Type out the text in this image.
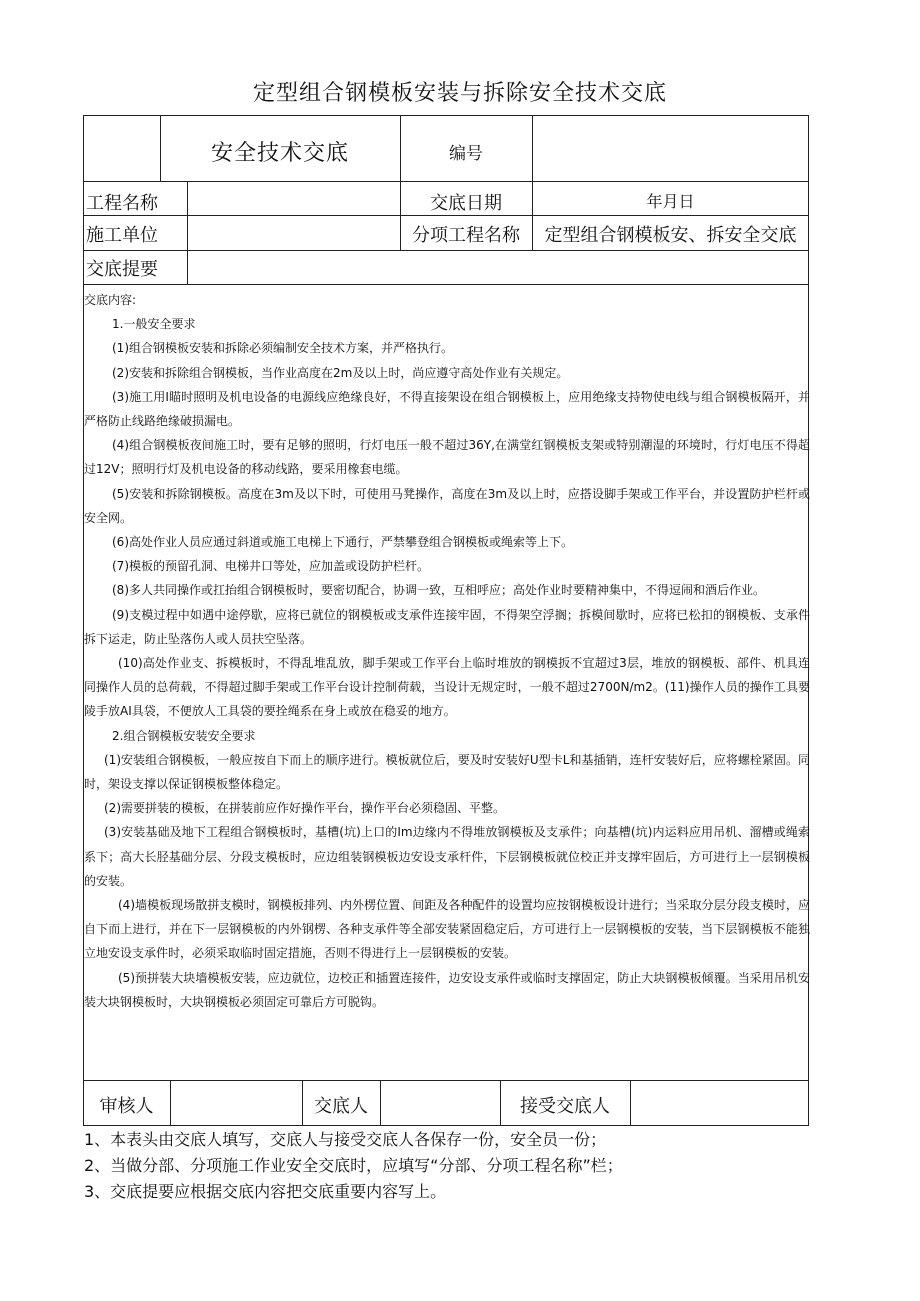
定型组合钢模板安装与拆除安全技术交底
安全技术交底	编号
工程名称	交底日期	年月日
施工单位	分项工程名称	定型组合钢模板安、拆安全交底
交底提要

交底内容:

1.一般安全要求

(1)组合钢模板安装和拆除必须编制安全技术方案，并严格执行。

(2)安装和拆除组合钢模板，当作业高度在2m及以上时，尚应遵守高处作业有关规定。

(3)施工用I瞄时照明及机电设备的电源线应绝缘良好，不得直接架设在组合钢模板上，应用绝缘支持物使电线与组合钢模板隔开，并严格防止线路绝缘破损漏电。

(4)组合钢模板夜间施工时，要有足够的照明，行灯电压一般不超过36Y,在满堂红钢模板支架或特别潮湿的环境时，行灯电压不得超过12V；照明行灯及机电设备的移动线路，要采用橡套电缆。

(5)安装和拆除钢模板。高度在3m及以下时，可使用马凳操作，高度在3m及以上时，应搭设脚手架或工作平台，并设置防护栏杆或安全网。

(6)高处作业人员应通过斜道或施工电梯上下通行，严禁攀登组合钢模板或绳索等上下。

(7)模板的预留孔洞、电梯井口等处，应加盖或设防护栏杆。

(8)多人共同操作或扛抬组合钢模板时，要密切配合，协调一致，互相呼应；高处作业时要精神集中，不得逗闹和酒后作业。

(9)支模过程中如遇中途停歇，应将已就位的钢模板或支承件连接牢固，不得架空浮搁；拆模间歇时，应将已松扣的钢模板、支承件拆下运走，防止坠落伤人或人员扶空坠落。

(10)高处作业支、拆模板时，不得乱堆乱放，脚手架或工作平台上临时堆放的钢模扳不宜超过3层，堆放的钢模板、部件、机具连同操作人员的总荷载，不得超过脚手架或工作平台设计控制荷载，当设计无规定时，一般不超过2700N/m2。(11)操作人员的操作工具要陵手放AI具袋，不便放人工具袋的要拴绳系在身上或放在稳妥的地方。

2.组合钢模板安装安全要求

(1)安装组合钢模板，一般应按自下而上的顺序进行。模板就位后，要及时安装好U型卡L和基插销，连杆安装好后，应将螺栓紧固。同时，架设支撑以保证钢模板整体稳定。

(2)需要拼装的模板，在拼装前应作好操作平台，操作平台必须稳固、平整。

(3)安装基础及地下工程组合钢模板时，基槽(坑)上口的Im边缘内不得堆放钢模板及支承件；向基槽(坑)内运料应用吊机、溜槽或绳索系下；高大长胫基础分层、分段支模板时，应边组装钢模板边安设支承杆件，下层钢模板就位校正并支撑牢固后，方可进行上一层钢模板的安装。

(4)墙模板现场散拼支模时，钢模板排列、内外楞位置、间距及各种配件的设置均应按钢模板设计进行；当采取分层分段支模时，应自下而上进行，并在下一层钢模板的内外钢楞、各种支承件等全部安装紧固稳定后，方可进行上一层钢模板的安装，当下层钢模板不能独立地安设支承件时，必须采取临时固定措施，否则不得进行上一层钢模板的安装。

(5)预拼装大块墙模板安装，应边就位，边校正和插置连接件，边安设支承件或临时支撑固定，防止大块钢模板倾覆。当采用吊机安装大块钢模板时，大块钢模板必须固定可靠后方可脱钩。

审核人	交底人	接受交底人

1、本表头由交底人填写，交底人与接受交底人各保存一份，安全员一份；

2、当做分部、分项施工作业安全交底时，应填写“分部、分项工程名称”栏；

3、交底提要应根据交底内容把交底重要内容写上。
